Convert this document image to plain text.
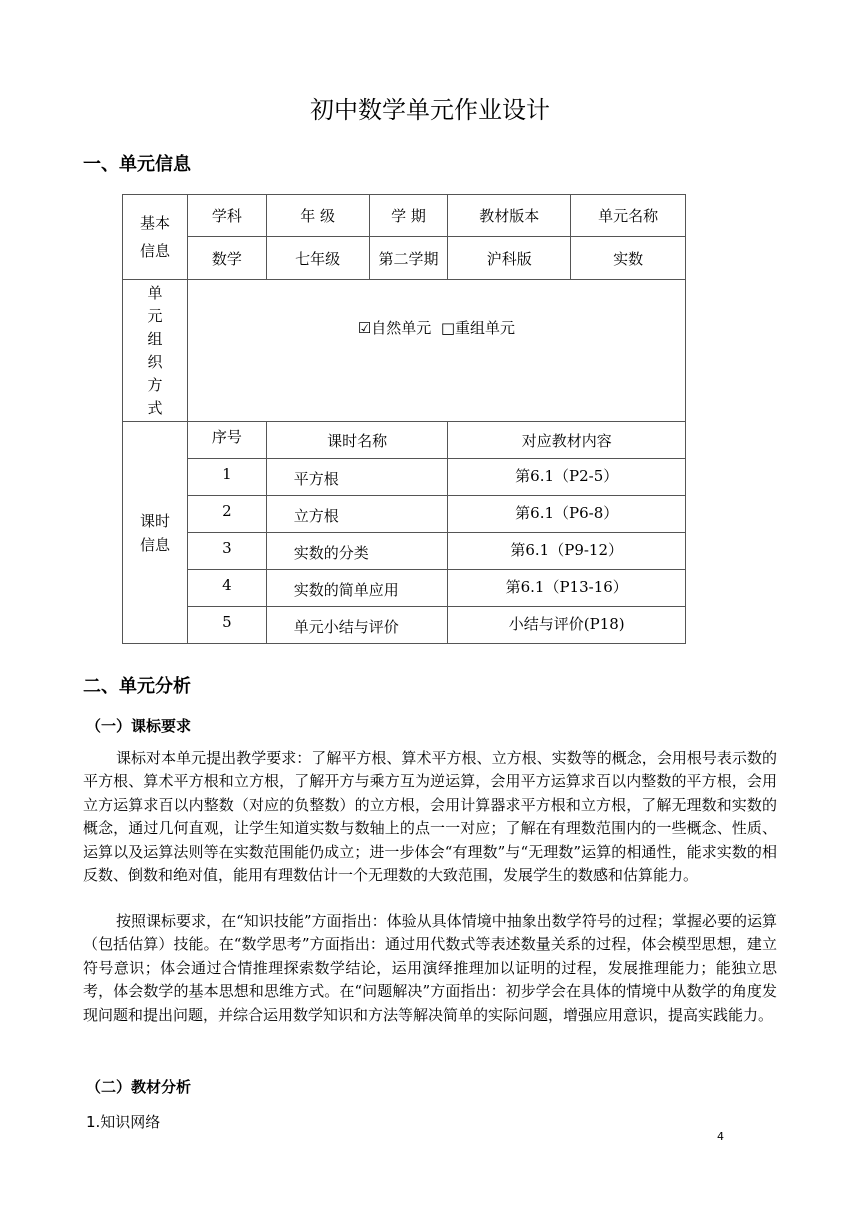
初中数学单元作业设计
一、单元信息
基本信息	学科	年 级	学 期	教材版本	单元名称
	数学	七年级	第二学期	沪科版	实数

单元组织方式	☑自然单元 □重组单元				

课时信息	序号	课时名称		对应教材内容	
	1	平方根		第6.1（P2-5）	
	2	立方根		第6.1（P6-8）	
	3	实数的分类		第6.1（P9-12）	
	4	实数的简单应用		第6.1（P13-16）	
	5	单元小结与评价		小结与评价(P18)	
二、单元分析
（一）课标要求

课标对本单元提出教学要求：了解平方根、算术平方根、立方根、实数等的概念，会用根号表示数的平方根、算术平方根和立方根，了解开方与乘方互为逆运算，会用平方运算求百以内整数的平方根，会用立方运算求百以内整数（对应的负整数）的立方根，会用计算器求平方根和立方根，了解无理数和实数的概念，通过几何直观，让学生知道实数与数轴上的点一一对应；了解在有理数范围内的一些概念、性质、运算以及运算法则等在实数范围能仍成立；进一步体会“有理数”与“无理数”运算的相通性，能求实数的相反数、倒数和绝对值，能用有理数估计一个无理数的大致范围，发展学生的数感和估算能力。

按照课标要求，在“知识技能”方面指出：体验从具体情境中抽象出数学符号的过程；掌握必要的运算（包括估算）技能。在“数学思考”方面指出：通过用代数式等表述数量关系的过程，体会模型思想，建立符号意识；体会通过合情推理探索数学结论，运用演绎推理加以证明的过程，发展推理能力；能独立思考，体会数学的基本思想和思维方式。在“问题解决”方面指出：初步学会在具体的情境中从数学的角度发现问题和提出问题，并综合运用数学知识和方法等解决简单的实际问题，增强应用意识，提高实践能力。

（二）教材分析
1.知识网络
4
